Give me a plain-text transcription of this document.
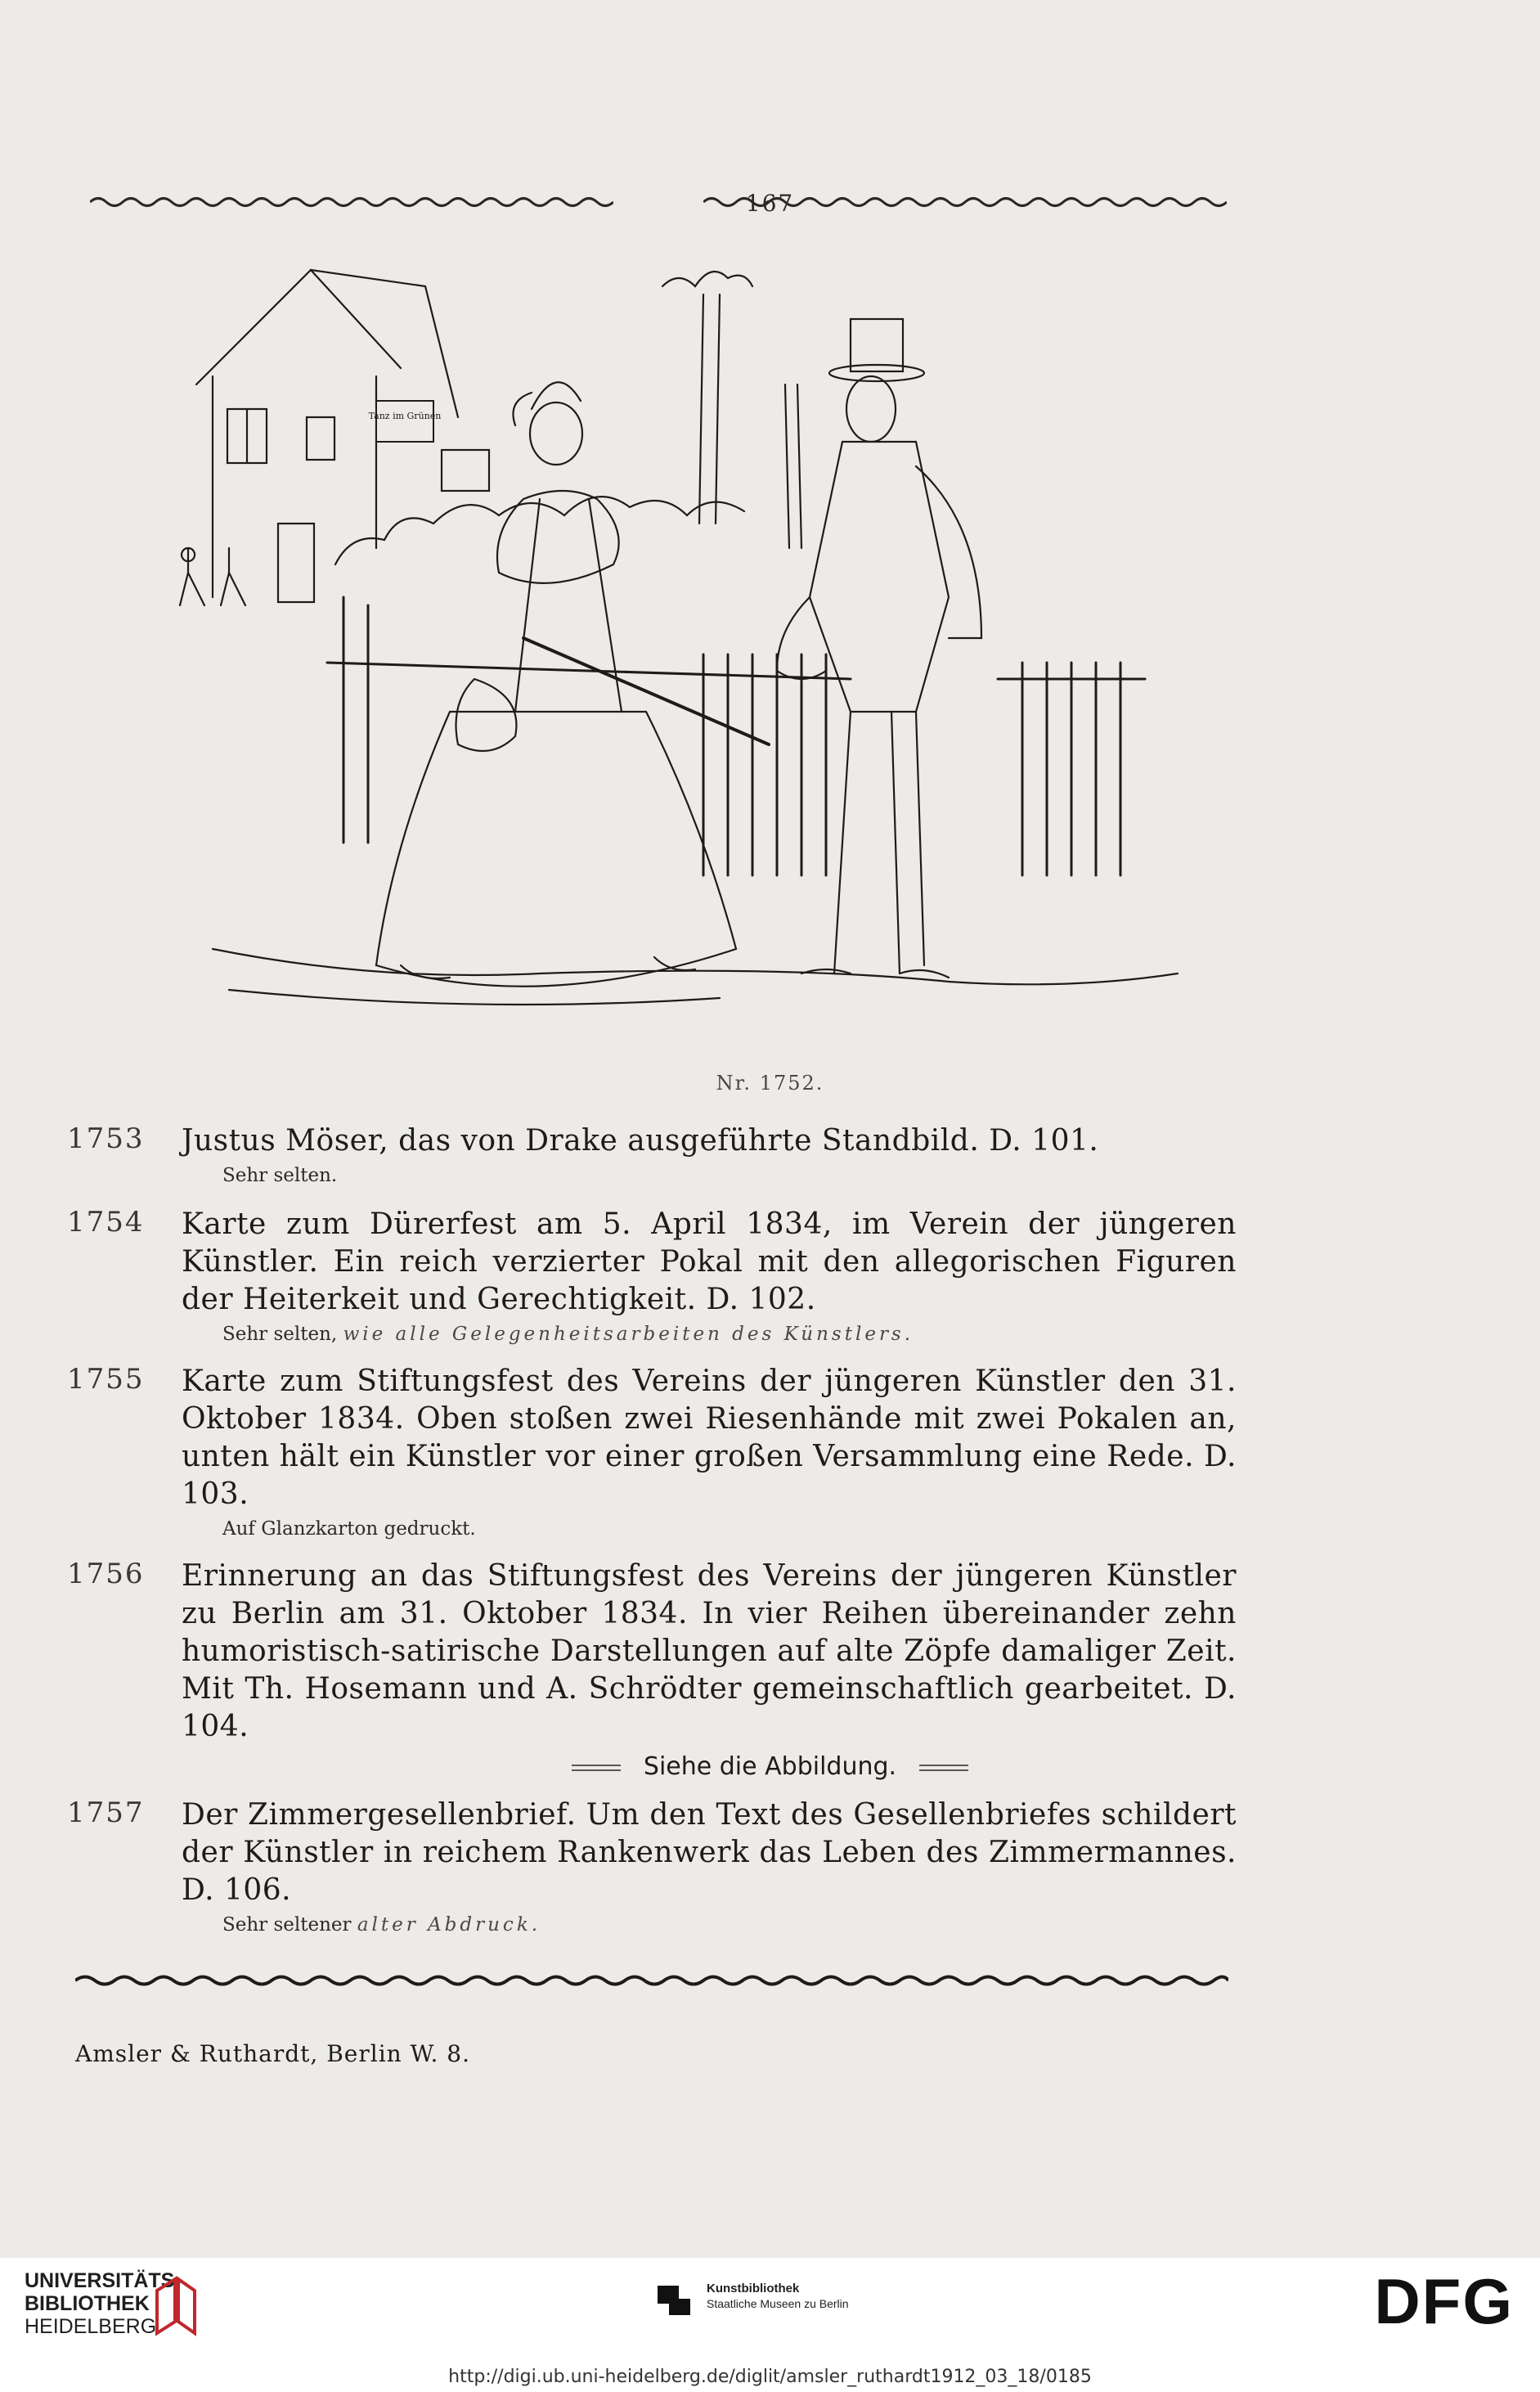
167
Tanz im Grünen
Nr. 1752.
1753	Justus Möser, das von Drake ausgeführte Standbild. D. 101.
Sehr selten.
1754	Karte zum Dürerfest am 5. April 1834, im Verein der jüngeren Künstler. Ein reich verzierter Pokal mit den allegorischen Figuren der Heiterkeit und Gerechtigkeit. D. 102.
Sehr selten, wie alle Gelegenheitsarbeiten des Künstlers.
1755	Karte zum Stiftungsfest des Vereins der jüngeren Künstler den 31. Oktober 1834. Oben stoßen zwei Riesenhände mit zwei Pokalen an, unten hält ein Künstler vor einer großen Versammlung eine Rede. D. 103.
Auf Glanzkarton gedruckt.
1756	Erinnerung an das Stiftungsfest des Vereins der jüngeren Künstler zu Berlin am 31. Oktober 1834. In vier Reihen übereinander zehn humoristisch-satirische Darstellungen auf alte Zöpfe damaliger Zeit. Mit Th. Hosemann und A. Schrödter gemeinschaftlich gearbeitet. D. 104.
Siehe die Abbildung.
1757	Der Zimmergesellenbrief. Um den Text des Gesellenbriefes schildert der Künstler in reichem Rankenwerk das Leben des Zimmermannes. D. 106.
Sehr seltener alter Abdruck.
Amsler & Ruthardt, Berlin W. 8.
UNIVERSITÄTS-
BIBLIOTHEK
HEIDELBERG
Kunstbibliothek
Staatliche Museen zu Berlin	DFG
http://digi.ub.uni-heidelberg.de/diglit/amsler_ruthardt1912_03_18/0185
